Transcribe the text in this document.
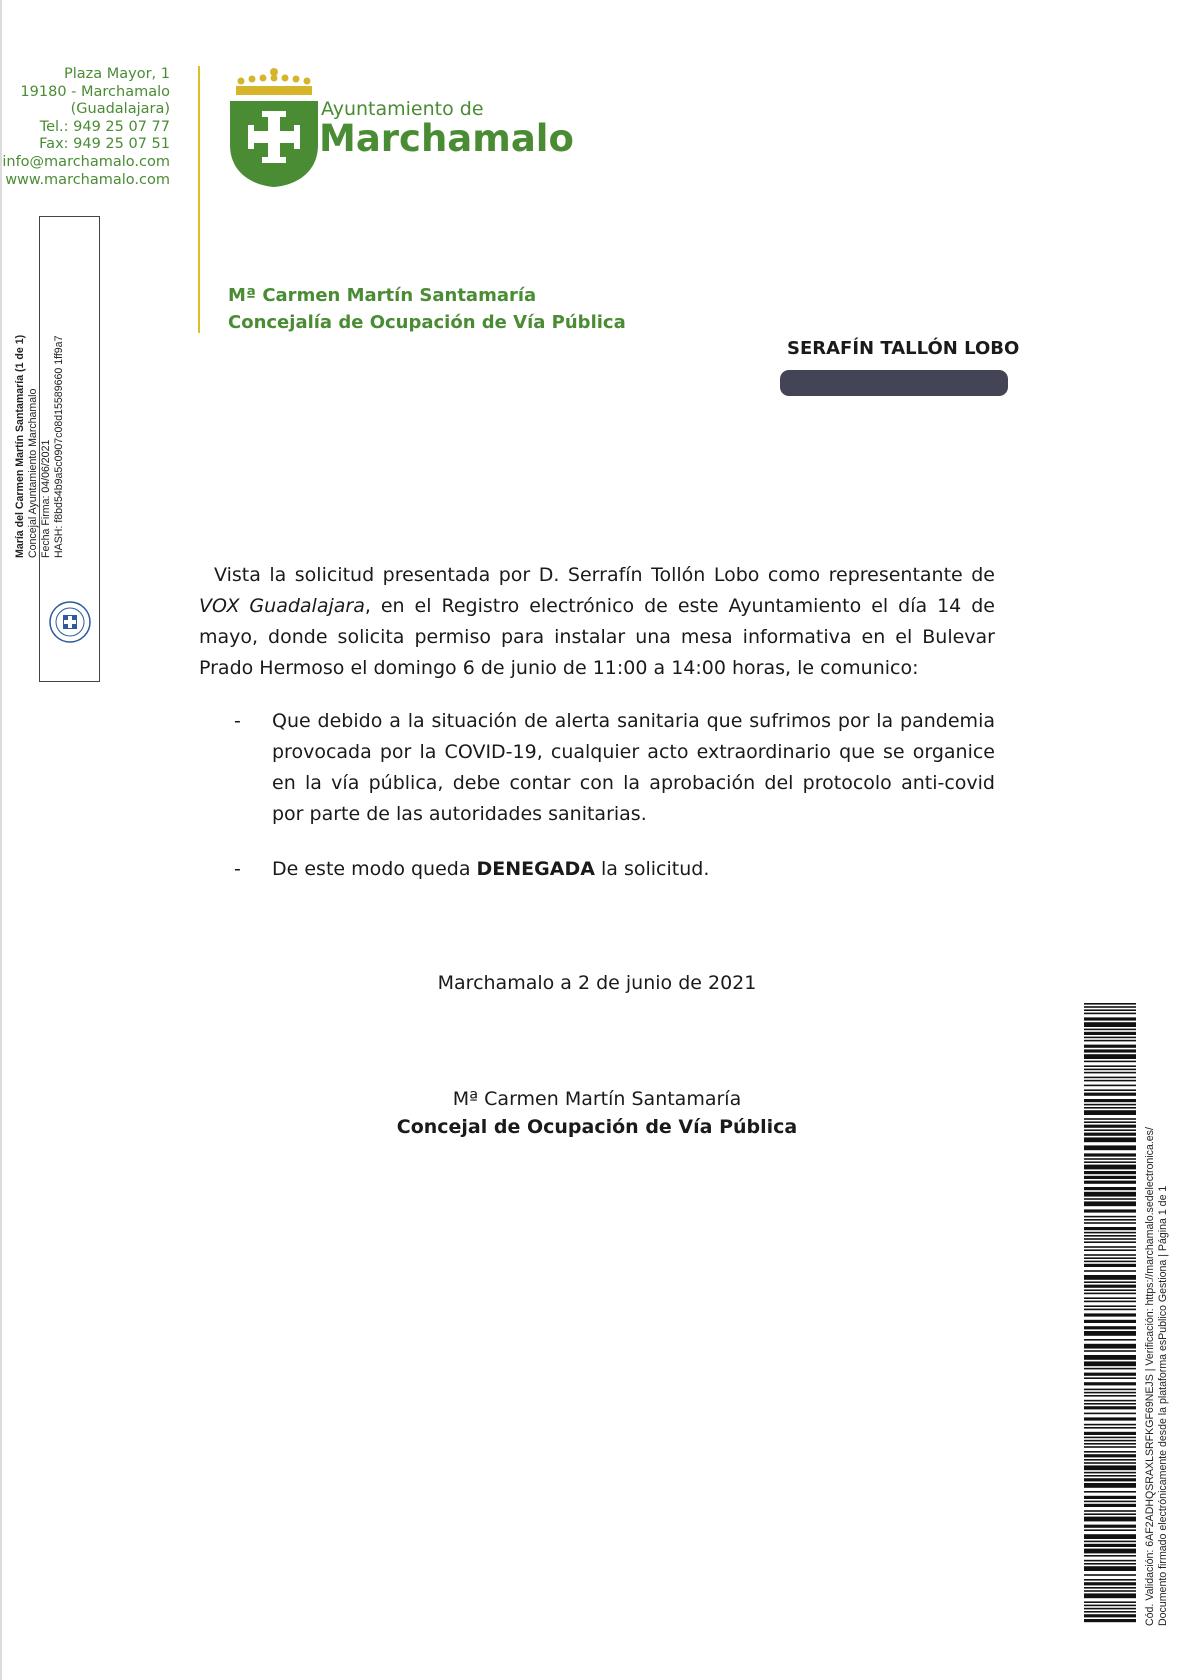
Plaza Mayor, 1
19180 - Marchamalo
(Guadalajara)
Tel.: 949 25 07 77
Fax: 949 25 07 51
info@marchamalo.com
www.marchamalo.com
Ayuntamiento de
Marchamalo
Mª Carmen Martín Santamaría
Concejalía de Ocupación de Vía Pública
SERAFÍN TALLÓN LOBO
María del Carmen Martín Santamaría (1 de 1) Concejal Ayuntamiento Marchamalo Fecha Firma: 04/06/2021 HASH: f8bd54b9a5c0907c08d15589660 1ff9a7

Vista la solicitud presentada por D. Serrafín Tollón Lobo como representante de VOX Guadalajara, en el Registro electrónico de este Ayuntamiento el día 14 de mayo, donde solicita permiso para instalar una mesa informativa en el Bulevar Prado Hermoso el domingo 6 de junio de 11:00 a 14:00 horas, le comunico:

- Que debido a la situación de alerta sanitaria que sufrimos por la pandemia provocada por la COVID-19, cualquier acto extraordinario que se organice en la vía pública, debe contar con la aprobación del protocolo anti-covid por parte de las autoridades sanitarias.
- De este modo queda DENEGADA la solicitud.
Marchamalo a 2 de junio de 2021
Mª Carmen Martín Santamaría
Concejal de Ocupación de Vía Pública
Cód. Validación: 6AF2ADHQSRAXLSRFKGF69NEJS | Verificación: https://marchamalo.sedelectronica.es/ Documento firmado electrónicamente desde la plataforma esPublico Gestiona | Página 1 de 1
